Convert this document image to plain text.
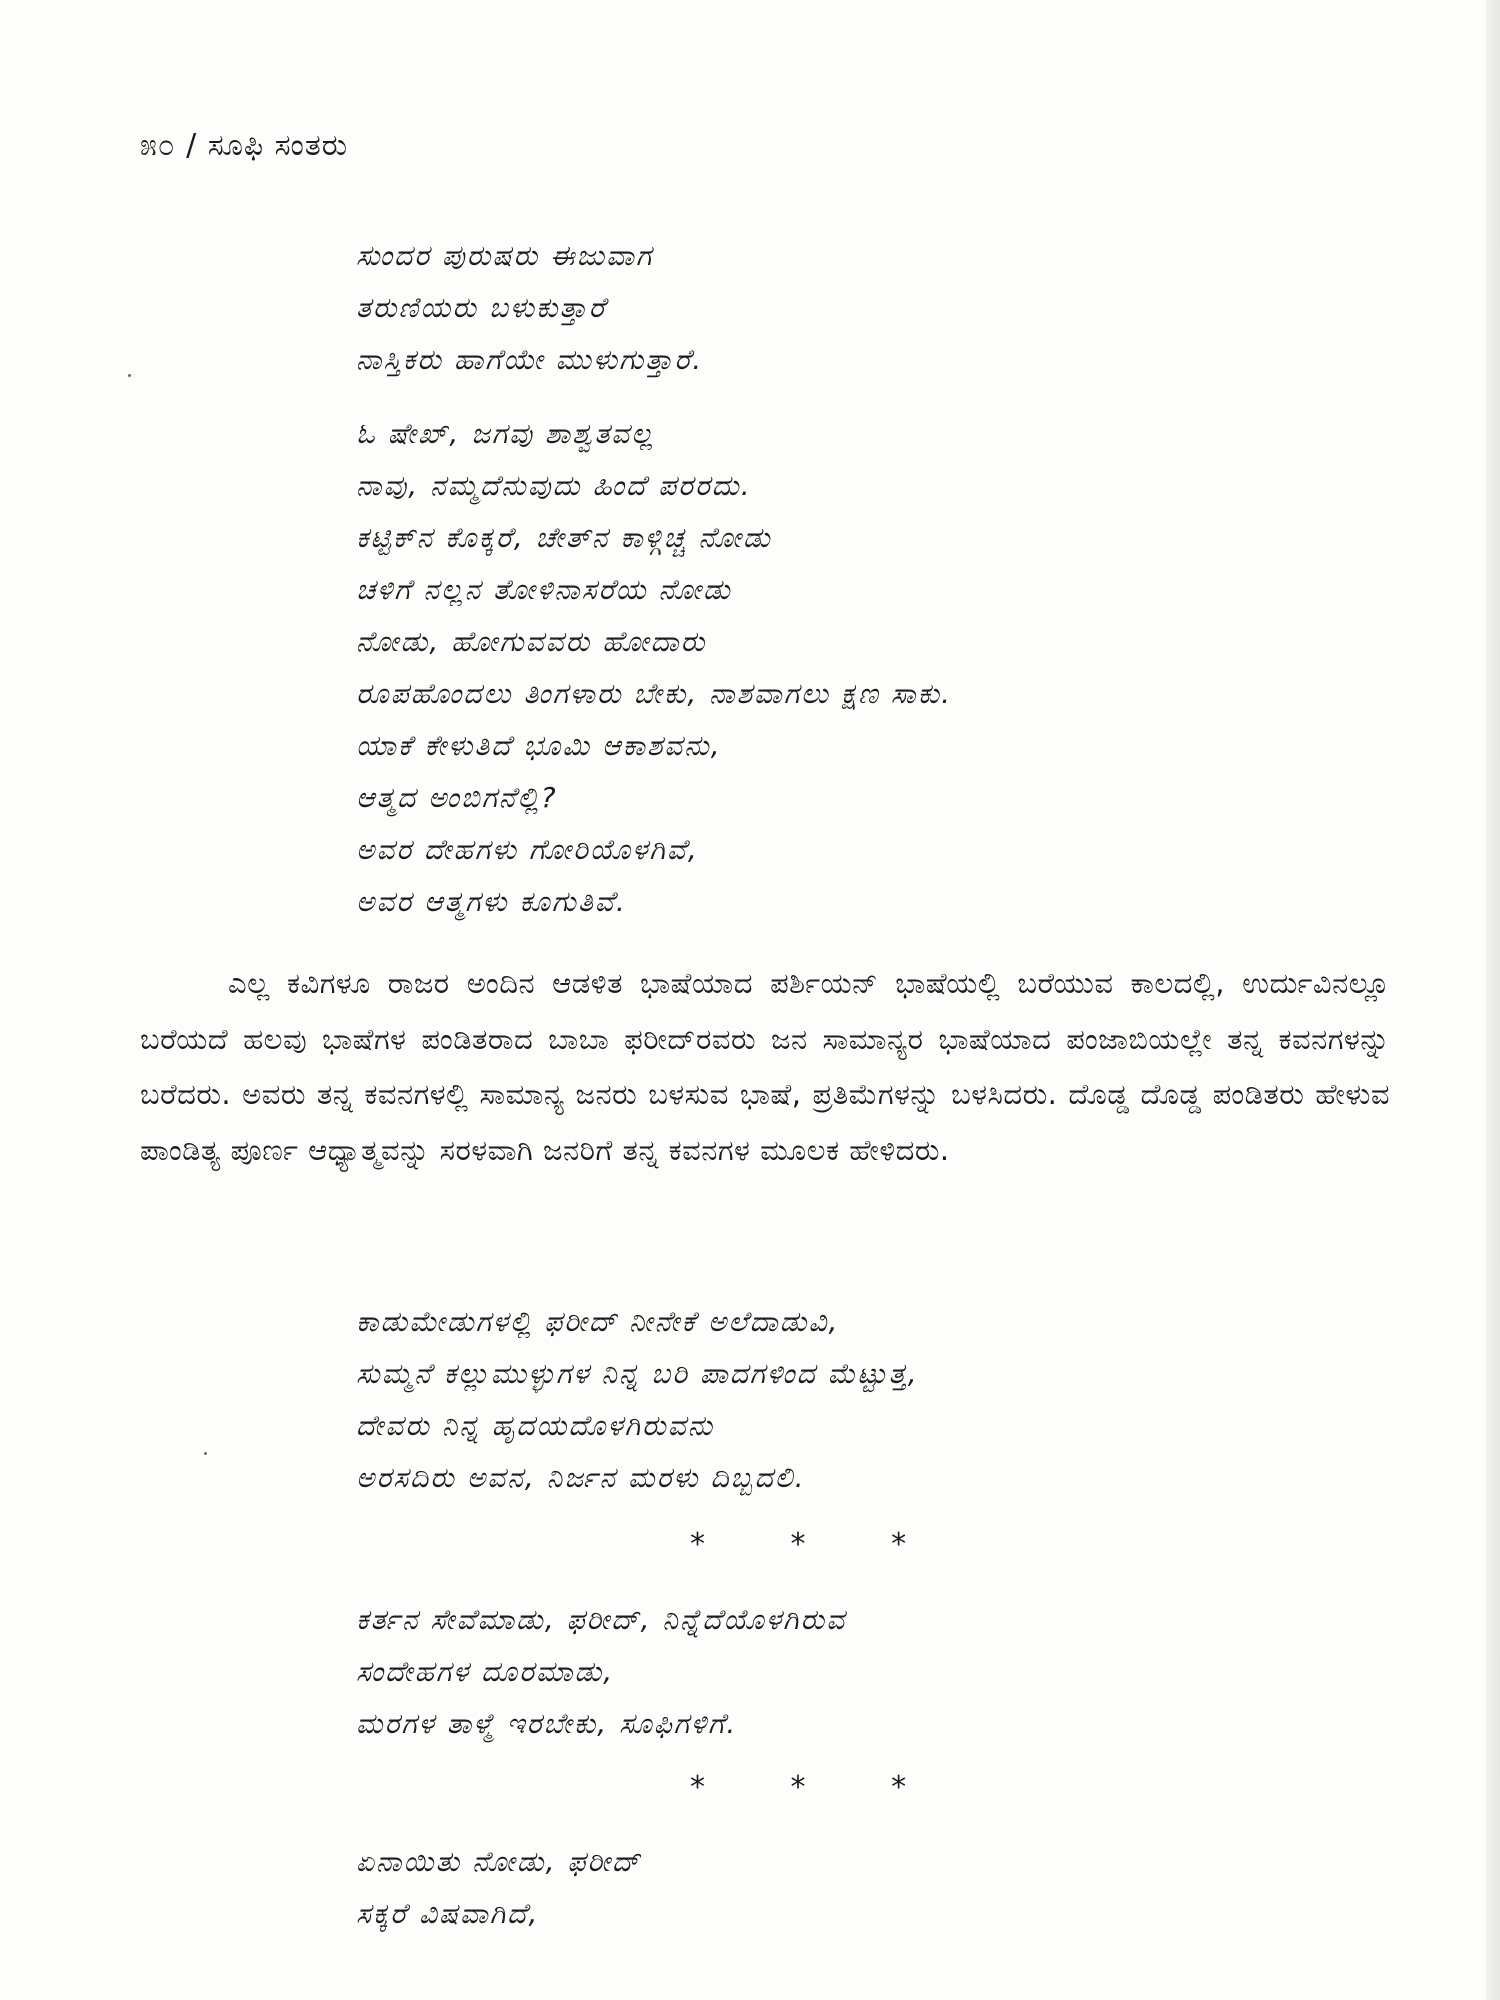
೫೦ / ಸೂಫಿ ಸಂತರು
ಸುಂದರ ಪುರುಷರು ಈಜುವಾಗ
ತರುಣಿಯರು ಬಳುಕುತ್ತಾರೆ
ನಾಸ್ತಿಕರು ಹಾಗೆಯೇ ಮುಳುಗುತ್ತಾರೆ.
ಓ ಷೇಖ್, ಜಗವು ಶಾಶ್ವತವಲ್ಲ
ನಾವು, ನಮ್ಮದೆನುವುದು ಹಿಂದೆ ಪರರದು.
ಕಟ್ಟಿಕ್‌ನ ಕೊಕ್ಕರೆ, ಚೇತ್‌ನ ಕಾಳ್ಗಿಚ್ಚ ನೋಡು
ಚಳಿಗೆ ನಲ್ಲನ ತೋಳಿನಾಸರೆಯ ನೋಡು
ನೋಡು, ಹೋಗುವವರು ಹೋದಾರು
ರೂಪಹೊಂದಲು ತಿಂಗಳಾರು ಬೇಕು, ನಾಶವಾಗಲು ಕ್ಷಣ ಸಾಕು.
ಯಾಕೆ ಕೇಳುತಿದೆ ಭೂಮಿ ಆಕಾಶವನು,
ಆತ್ಮದ ಅಂಬಿಗನೆಲ್ಲಿ?
ಅವರ ದೇಹಗಳು ಗೋರಿಯೊಳಗಿವೆ,
ಅವರ ಆತ್ಮಗಳು ಕೂಗುತಿವೆ.

ಎಲ್ಲ ಕವಿಗಳೂ ರಾಜರ ಅಂದಿನ ಆಡಳಿತ ಭಾಷೆಯಾದ ಪರ್ಶಿಯನ್ ಭಾಷೆಯಲ್ಲಿ ಬರೆಯುವ ಕಾಲದಲ್ಲಿ, ಉರ್ದುವಿನಲ್ಲೂ ಬರೆಯದೆ ಹಲವು ಭಾಷೆಗಳ ಪಂಡಿತರಾದ ಬಾಬಾ ಫರೀದ್‌ರವರು ಜನ ಸಾಮಾನ್ಯರ ಭಾಷೆಯಾದ ಪಂಜಾಬಿಯಲ್ಲೇ ತನ್ನ ಕವನಗಳನ್ನು ಬರೆದರು. ಅವರು ತನ್ನ ಕವನಗಳಲ್ಲಿ ಸಾಮಾನ್ಯ ಜನರು ಬಳಸುವ ಭಾಷೆ, ಪ್ರತಿಮೆಗಳನ್ನು ಬಳಸಿದರು. ದೊಡ್ಡ ದೊಡ್ಡ ಪಂಡಿತರು ಹೇಳುವ ಪಾಂಡಿತ್ಯ ಪೂರ್ಣ ಆಧ್ಯಾತ್ಮವನ್ನು ಸರಳವಾಗಿ ಜನರಿಗೆ ತನ್ನ ಕವನಗಳ ಮೂಲಕ ಹೇಳಿದರು.

ಕಾಡುಮೇಡುಗಳಲ್ಲಿ ಫರೀದ್ ನೀನೇಕೆ ಅಲೆದಾಡುವಿ,
ಸುಮ್ಮನೆ ಕಲ್ಲುಮುಳ್ಳುಗಳ ನಿನ್ನ ಬರಿ ಪಾದಗಳಿಂದ ಮೆಟ್ಟುತ್ತ,
ದೇವರು ನಿನ್ನ ಹೃದಯದೊಳಗಿರುವನು
ಅರಸದಿರು ಅವನ, ನಿರ್ಜನ ಮರಳು ದಿಬ್ಬದಲಿ.
* * *
ಕರ್ತನ ಸೇವೆಮಾಡು, ಫರೀದ್, ನಿನ್ನೆದೆಯೊಳಗಿರುವ
ಸಂದೇಹಗಳ ದೂರಮಾಡು,
ಮರಗಳ ತಾಳ್ಮೆ ಇರಬೇಕು, ಸೂಫಿಗಳಿಗೆ.
* * *
ಏನಾಯಿತು ನೋಡು, ಫರೀದ್
ಸಕ್ಕರೆ ವಿಷವಾಗಿದೆ,
